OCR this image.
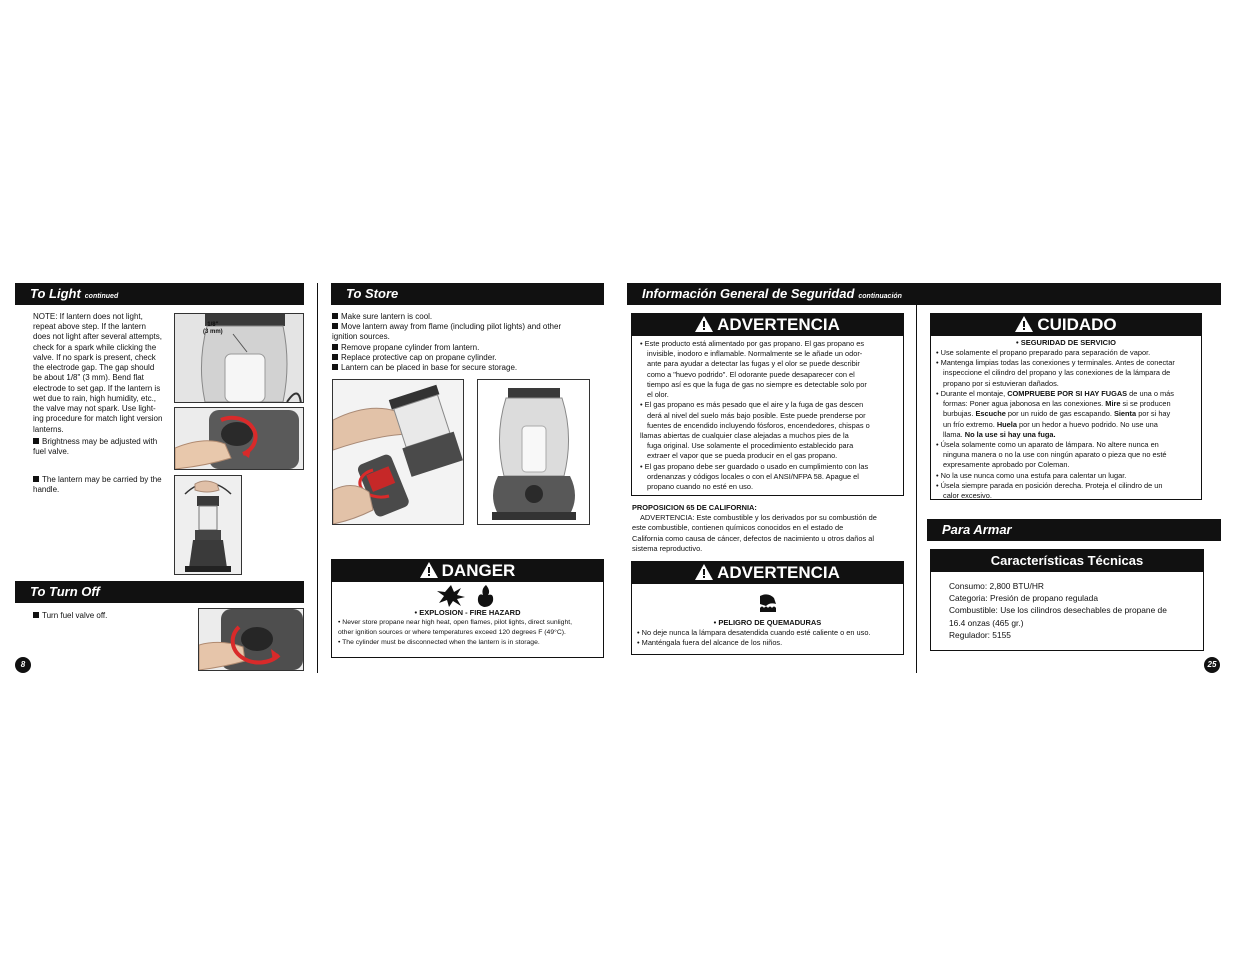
To Light continued
NOTE: If lantern does not light,
repeat above step. If the lantern
does not light after several attempts,
check for a spark while clicking the
valve. If no spark is present, check
the electrode gap. The gap should
be about 1/8" (3 mm). Bend flat
electrode to set gap. If the lantern is
wet due to rain, high humidity, etc.,
the valve may not spark. Use light-
ing procedure for match light version
lanterns.
Brightness may be adjusted with
fuel valve.
The lantern may be carried by the
handle.
1/8"
(3 mm)
To Turn Off
Turn fuel valve off.
8
To Store
Make sure lantern is cool.
Move lantern away from flame (including pilot lights) and other
ignition sources.
Remove propane cylinder from lantern.
Replace protective cap on propane cylinder.
Lantern can be placed in base for secure storage.
DANGER
• EXPLOSION - FIRE HAZARD
• Never store propane near high heat, open flames, pilot lights, direct sunlight,
other ignition sources or where temperatures exceed 120 degrees F (49°C).
• The cylinder must be disconnected when the lantern is in storage.
Información General de Seguridad continuación
ADVERTENCIA
• Este producto está alimentado por gas propano. El gas propano es
invisible, inodoro e inflamable. Normalmente se le añade un odor-
ante para ayudar a detectar las fugas y el olor se puede describir
como a "huevo podrido". El odorante puede desaparecer con el
tiempo así es que la fuga de gas no siempre es detectable solo por
el olor.
• El gas propano es más pesado que el aire y la fuga de gas descen
derá al nivel del suelo más bajo posible. Este puede prenderse por
fuentes de encendido incluyendo fósforos, encendedores, chispas o
llamas abiertas de cualquier clase alejadas a muchos pies de la
fuga original. Use solamente el procedimiento establecido para
extraer el vapor que se pueda producir en el gas propano.
• El gas propano debe ser guardado o usado en cumplimiento con las
ordenanzas y códigos locales o con el ANSI/NFPA 58. Apague el
propano cuando no esté en uso.
PROPOSICION 65 DE CALIFORNIA:
ADVERTENCIA: Este combustible y los derivados por su combustión de
este combustible, contienen químicos conocidos en el estado de
California como causa de cáncer, defectos de nacimiento u otros daños al
sistema reproductivo.
ADVERTENCIA
• PELIGRO DE QUEMADURAS
• No deje nunca la lámpara desatendida cuando esté caliente o en uso.
• Manténgala fuera del alcance de los niños.
CUIDADO
• SEGURIDAD DE SERVICIO
• Use solamente el propano preparado para separación de vapor.
• Mantenga limpias todas las conexiones y terminales. Antes de conectar
inspeccione el cilindro del propano y las conexiones de la lámpara de
propano por si estuvieran dañados.
• Durante el montaje, COMPRUEBE POR SI HAY FUGAS de una o más
formas: Poner agua jabonosa en las conexiones. Mire si se producen
burbujas. Escuche por un ruido de gas escapando. Sienta por si hay
un frío extremo. Huela por un hedor a huevo podrido. No use una
llama. No la use si hay una fuga.
• Úsela solamente como un aparato de lámpara. No altere nunca en
ninguna manera o no la use con ningún aparato o pieza que no esté
expresamente aprobado por Coleman.
• No la use nunca como una estufa para calentar un lugar.
• Úsela siempre parada en posición derecha. Proteja el cilindro de un
calor excesivo.
Para Armar
Características Técnicas
Consumo: 2,800 BTU/HR
Categoria: Presión de propano regulada
Combustible: Use los cilindros desechables de propane de
16.4 onzas (465 gr.)
Regulador: 5155
25
